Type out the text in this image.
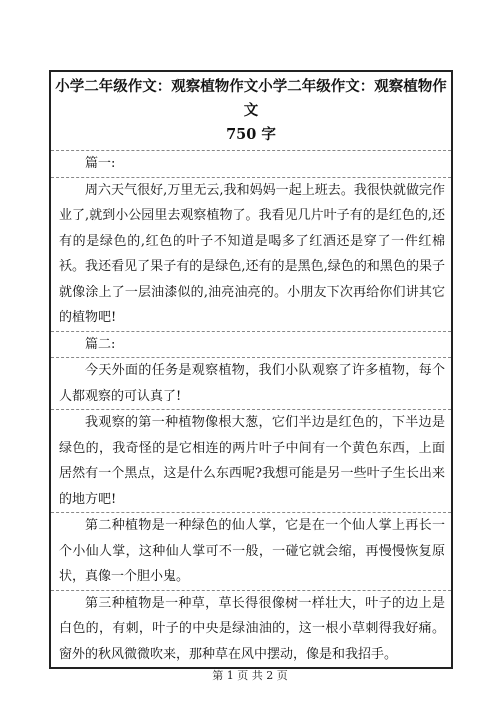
小学二年级作文：观察植物作文小学二年级作文：观察植物作文
750 字
篇一:
周六天气很好,万里无云,我和妈妈一起上班去。我很快就做完作业了,就到小公园里去观察植物了。我看见几片叶子有的是红色的,还有的是绿色的,红色的叶子不知道是喝多了红酒还是穿了一件红棉袄。我还看见了果子有的是绿色,还有的是黑色,绿色的和黑色的果子就像涂上了一层油漆似的,油亮油亮的。小朋友下次再给你们讲其它的植物吧!
篇二:
今天外面的任务是观察植物，我们小队观察了许多植物，每个人都观察的可认真了!
我观察的第一种植物像根大葱，它们半边是红色的，下半边是绿色的，我奇怪的是它相连的两片叶子中间有一个黄色东西，上面居然有一个黑点，这是什么东西呢?我想可能是另一些叶子生长出来的地方吧!
第二种植物是一种绿色的仙人掌，它是在一个仙人掌上再长一个小仙人掌，这种仙人掌可不一般，一碰它就会缩，再慢慢恢复原状，真像一个胆小鬼。
第三种植物是一种草，草长得很像树一样壮大，叶子的边上是白色的，有刺，叶子的中央是绿油油的，这一根小草刺得我好痛。窗外的秋风微微吹来，那种草在风中摆动，像是和我招手。
第 1 页 共 2 页
